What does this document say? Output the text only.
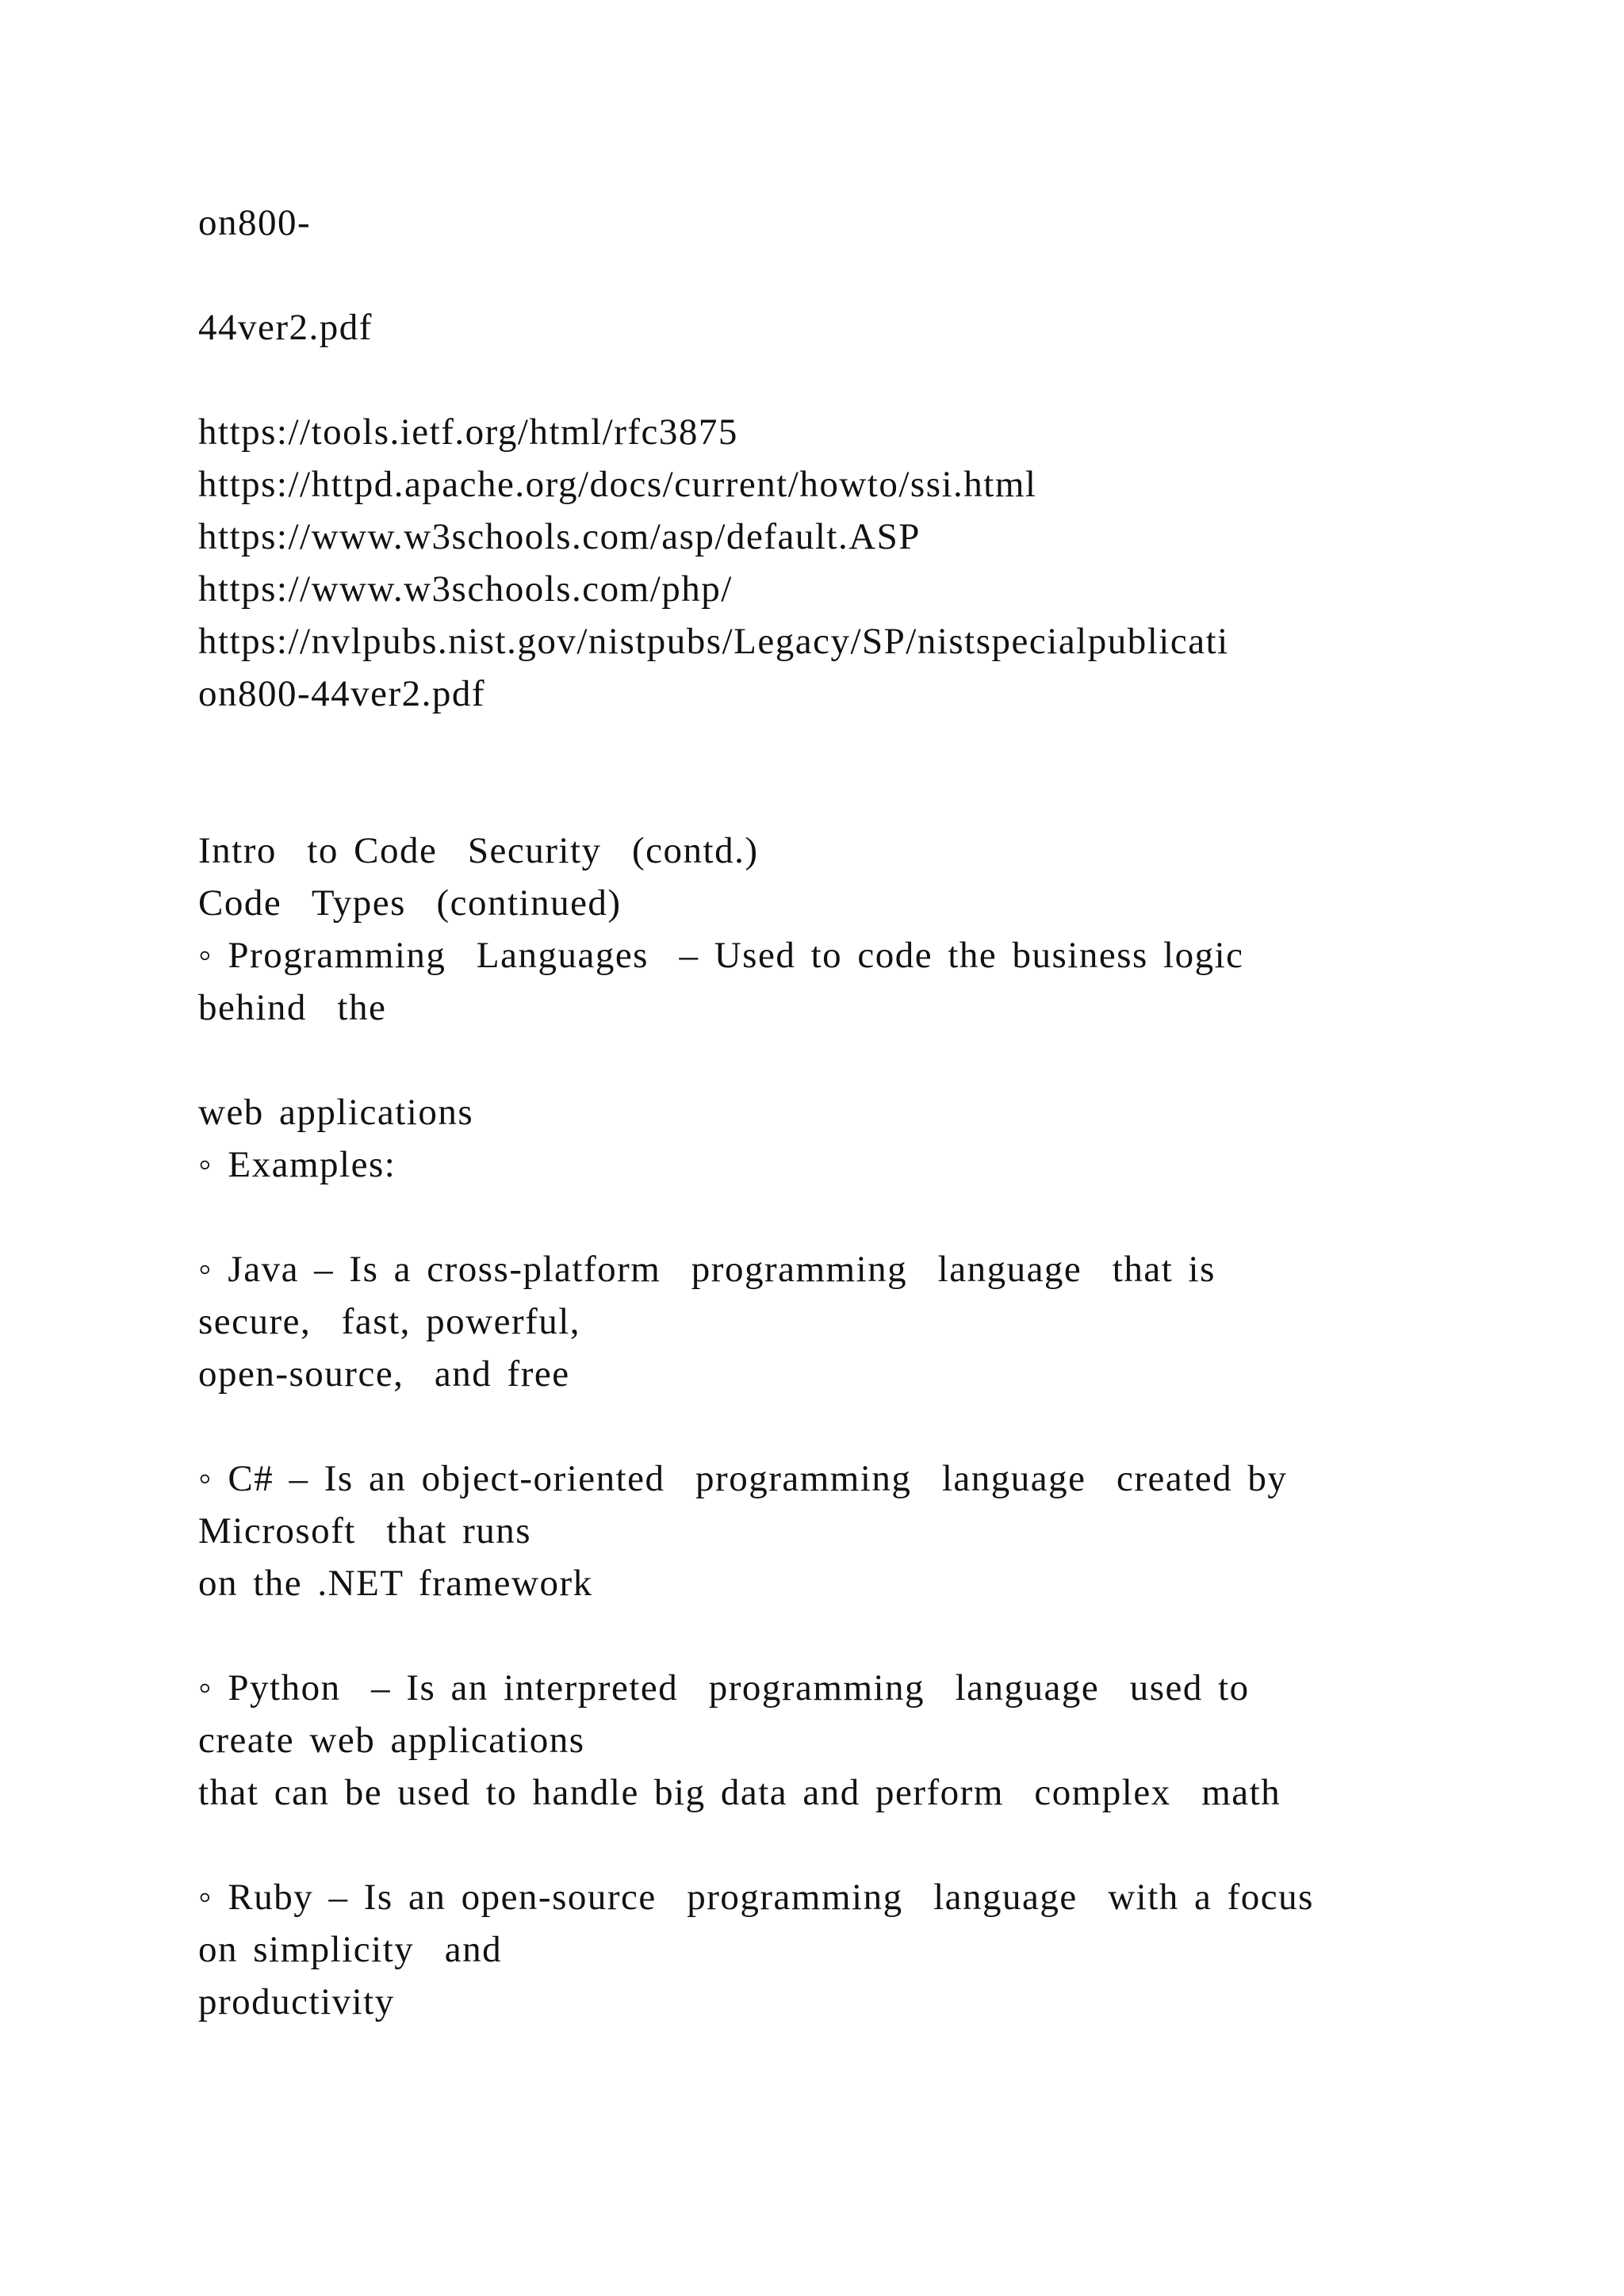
on800-
44ver2.pdf
https://tools.ietf.org/html/rfc3875
https://httpd.apache.org/docs/current/howto/ssi.html
https://www.w3schools.com/asp/default.ASP
https://www.w3schools.com/php/
https://nvlpubs.nist.gov/nistpubs/Legacy/SP/nistspecialpublicati
on800-44ver2.pdf
Intro  to Code  Security  (contd.)
Code  Types  (continued)
◦ Programming  Languages  – Used to code the business logic
behind  the
web applications
◦ Examples:
◦ Java – Is a cross-platform  programming  language  that is
secure,  fast, powerful,
open-source,  and free
◦ C# – Is an object-oriented  programming  language  created by
Microsoft  that runs
on the .NET framework
◦ Python  – Is an interpreted  programming  language  used to
create web applications
that can be used to handle big data and perform  complex  math
◦ Ruby – Is an open-source  programming  language  with a focus
on simplicity  and
productivity
